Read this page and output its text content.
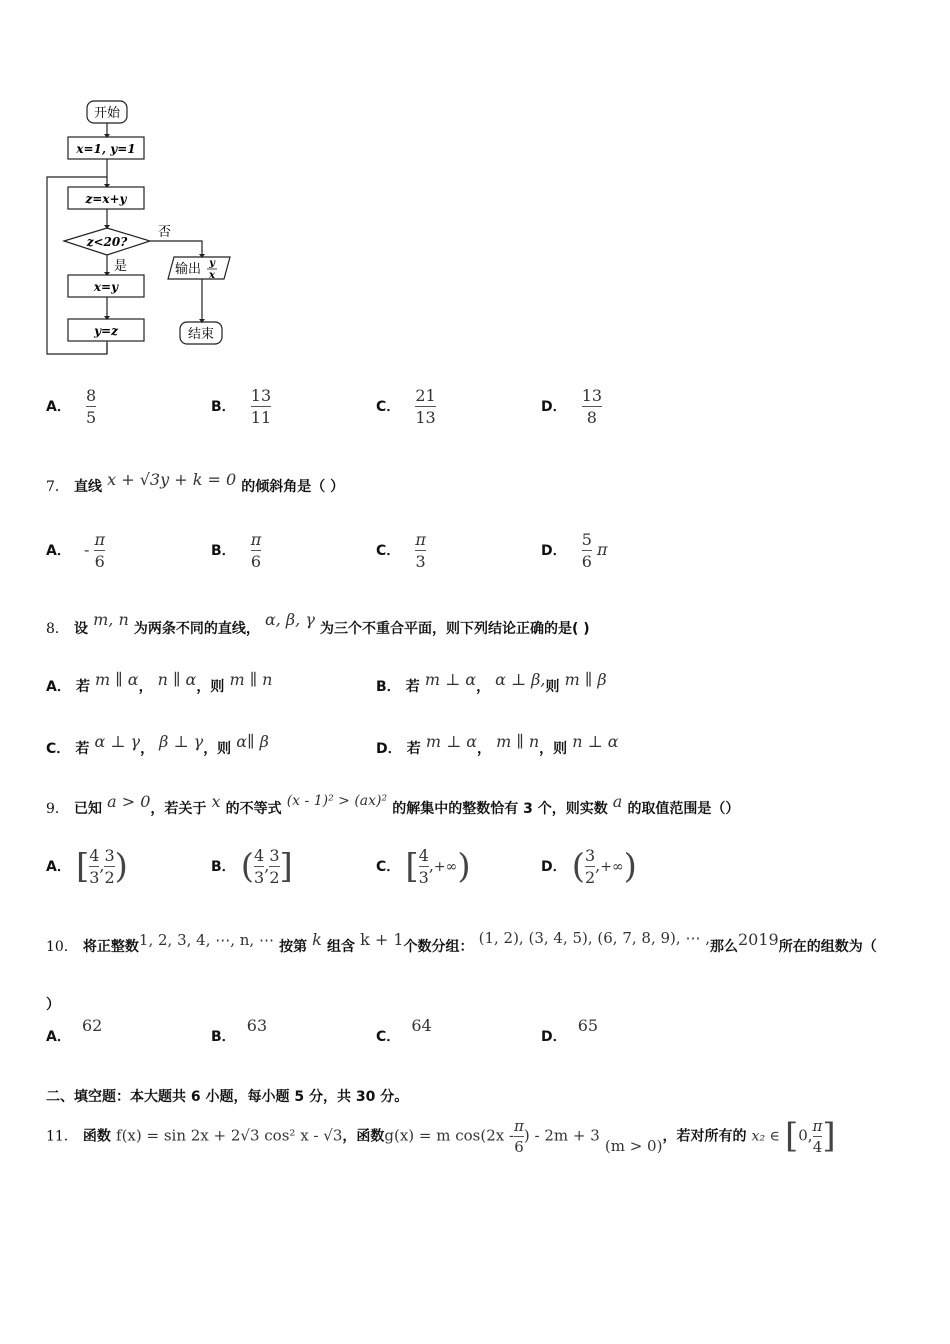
开始
x=1, y=1
z=x+y
z<20?
否
是
x=y
y=z
输出 y
x
结束
A． $\frac{8}{5}$	B． $\frac{13}{11}$	C． $\frac{21}{13}$	D． $\frac{13}{8}$
7． 直线 x + √3y + k = 0 的倾斜角是（ ）
A． - $\frac{\pi}{6}$	B． $\frac{\pi}{6}$	C． $\frac{\pi}{3}$	D． $\frac{5}{6}$ π
8． 设 m, n 为两条不同的直线， α, β, γ 为三个不重合平面，则下列结论正确的是( )
A． 若 m ∥ α， n ∥ α，则 m ∥ n	B． 若 m ⊥ α， α ⊥ β,则 m ∥ β
C． 若 α ⊥ γ， β ⊥ γ，则 α∥ β	D． 若 m ⊥ α， m ∥ n，则 n ⊥ α
9． 已知 a > 0，若关于 x 的不等式 (x - 1)² > (ax)² 的解集中的整数恰有 3 个，则实数 a 的取值范围是（）
A． [ $\frac{4}{3}$ , $\frac{3}{2}$ )	B． ( $\frac{4}{3}$ , $\frac{3}{2}$ ]	C． [ $\frac{4}{3}$ ,+∞)	D． ( $\frac{3}{2}$ ,+∞)
10． 将正整数1, 2, 3, 4, ⋯, n, ⋯ 按第 k 组含 k + 1个数分组： (1, 2), (3, 4, 5), (6, 7, 8, 9), ⋯ ,那么2019所在的组数为（
）
A． 62
B． 63
C． 64
D． 65
二、填空题：本大题共 6 小题，每小题 5 分，共 30 分。
11． 函数 f(x) = sin 2x + 2√3 cos² x - √3，函数g(x) = m $\cos(2x - \frac{\pi}{6}$ ) - 2m + 3 (m > 0)，若对所有的 x₂ ∈ [0, $\frac{\pi}{4}$ ]
